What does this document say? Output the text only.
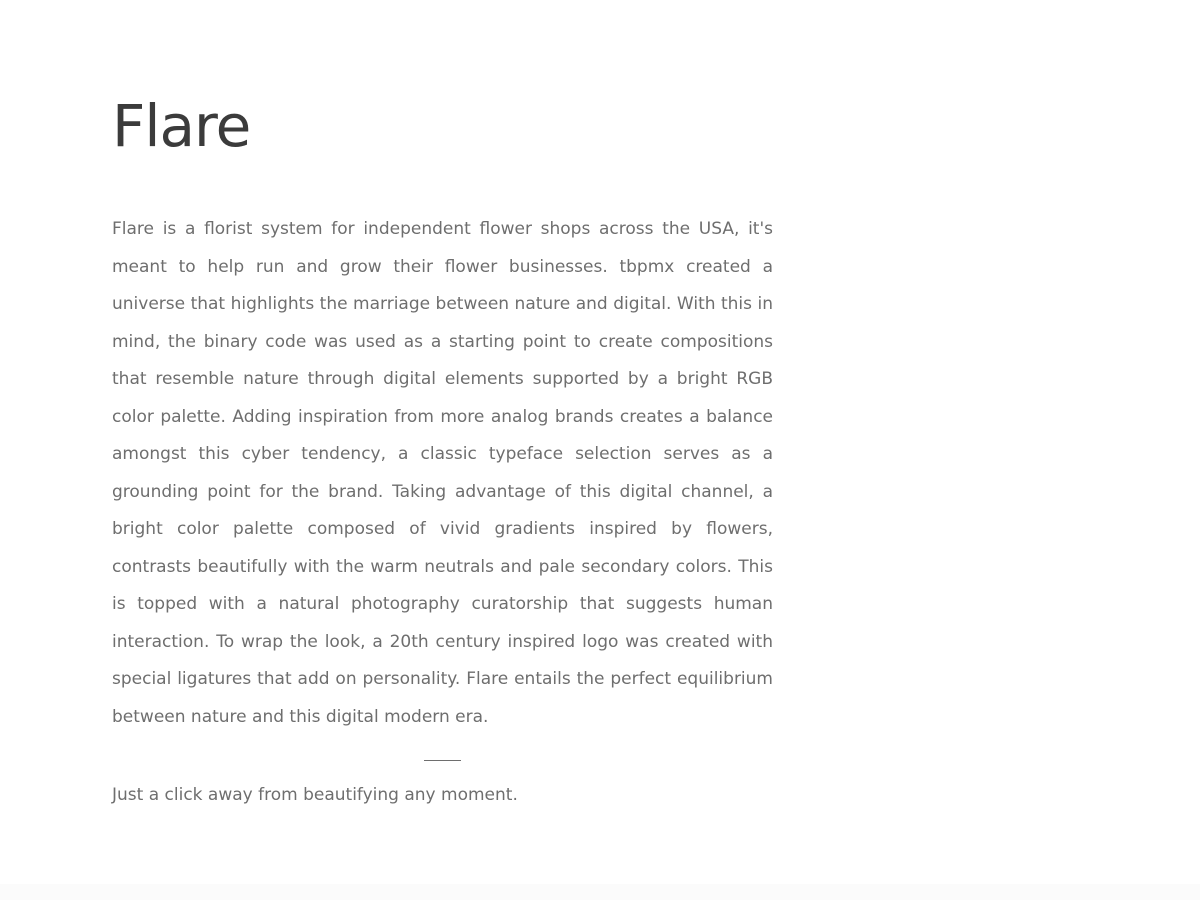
Flare

Flare is a florist system for independent flower shops across the USA, it's meant to help run and grow their flower businesses. tbpmx created a universe that highlights the marriage between nature and digital. With this in mind, the binary code was used as a starting point to create compositions that resemble nature through digital elements supported by a bright RGB color palette. Adding inspiration from more analog brands creates a balance amongst this cyber tendency, a classic typeface selection serves as a grounding point for the brand. Taking advantage of this digital channel, a bright color palette composed of vivid gradients inspired by flowers, contrasts beautifully with the warm neutrals and pale secondary colors. This is topped with a natural photography curatorship that suggests human interaction. To wrap the look, a 20th century inspired logo was created with special ligatures that add on personality. Flare entails the perfect equilibrium between nature and this digital modern era.

Just a click away from beautifying any moment.
